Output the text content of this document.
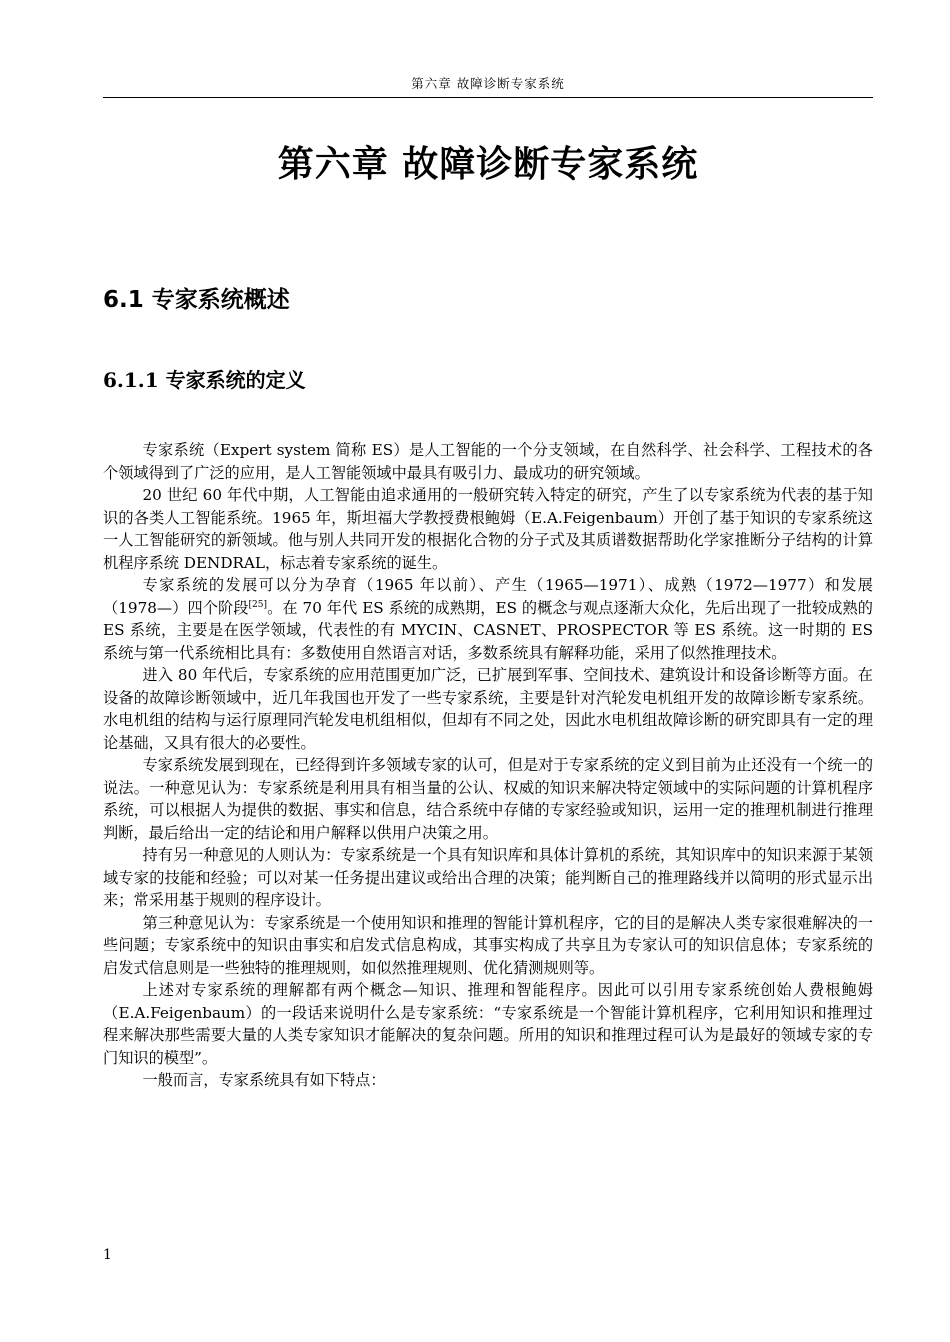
第六章 故障诊断专家系统
第六章 故障诊断专家系统
6.1 专家系统概述
6.1.1 专家系统的定义

专家系统（Expert system 简称 ES）是人工智能的一个分支领域，在自然科学、社会科学、工程技术的各个领域得到了广泛的应用，是人工智能领域中最具有吸引力、最成功的研究领域。

20 世纪 60 年代中期，人工智能由追求通用的一般研究转入特定的研究，产生了以专家系统为代表的基于知识的各类人工智能系统。1965 年，斯坦福大学教授费根鲍姆（E.A.Feigenbaum）开创了基于知识的专家系统这一人工智能研究的新领域。他与别人共同开发的根据化合物的分子式及其质谱数据帮助化学家推断分子结构的计算机程序系统 DENDRAL，标志着专家系统的诞生。

专家系统的发展可以分为孕育（1965 年以前）、产生（1965—1971）、成熟（1972—1977）和发展（1978—）四个阶段[25]。在 70 年代 ES 系统的成熟期，ES 的概念与观点逐渐大众化，先后出现了一批较成熟的 ES 系统，主要是在医学领域，代表性的有 MYCIN、CASNET、PROSPECTOR 等 ES 系统。这一时期的 ES 系统与第一代系统相比具有：多数使用自然语言对话，多数系统具有解释功能，采用了似然推理技术。

进入 80 年代后，专家系统的应用范围更加广泛，已扩展到军事、空间技术、建筑设计和设备诊断等方面。在设备的故障诊断领域中，近几年我国也开发了一些专家系统，主要是针对汽轮发电机组开发的故障诊断专家系统。水电机组的结构与运行原理同汽轮发电机组相似，但却有不同之处，因此水电机组故障诊断的研究即具有一定的理论基础，又具有很大的必要性。

专家系统发展到现在，已经得到许多领域专家的认可，但是对于专家系统的定义到目前为止还没有一个统一的说法。一种意见认为：专家系统是利用具有相当量的公认、权威的知识来解决特定领域中的实际问题的计算机程序系统，可以根据人为提供的数据、事实和信息，结合系统中存储的专家经验或知识，运用一定的推理机制进行推理判断，最后给出一定的结论和用户解释以供用户决策之用。

持有另一种意见的人则认为：专家系统是一个具有知识库和具体计算机的系统，其知识库中的知识来源于某领域专家的技能和经验；可以对某一任务提出建议或给出合理的决策；能判断自己的推理路线并以简明的形式显示出来；常采用基于规则的程序设计。

第三种意见认为：专家系统是一个使用知识和推理的智能计算机程序，它的目的是解决人类专家很难解决的一些问题；专家系统中的知识由事实和启发式信息构成，其事实构成了共享且为专家认可的知识信息体；专家系统的启发式信息则是一些独特的推理规则，如似然推理规则、优化猜测规则等。

上述对专家系统的理解都有两个概念—知识、推理和智能程序。因此可以引用专家系统创始人费根鲍姆（E.A.Feigenbaum）的一段话来说明什么是专家系统：“专家系统是一个智能计算机程序，它利用知识和推理过程来解决那些需要大量的人类专家知识才能解决的复杂问题。所用的知识和推理过程可认为是最好的领域专家的专门知识的模型”。

一般而言，专家系统具有如下特点：

1
